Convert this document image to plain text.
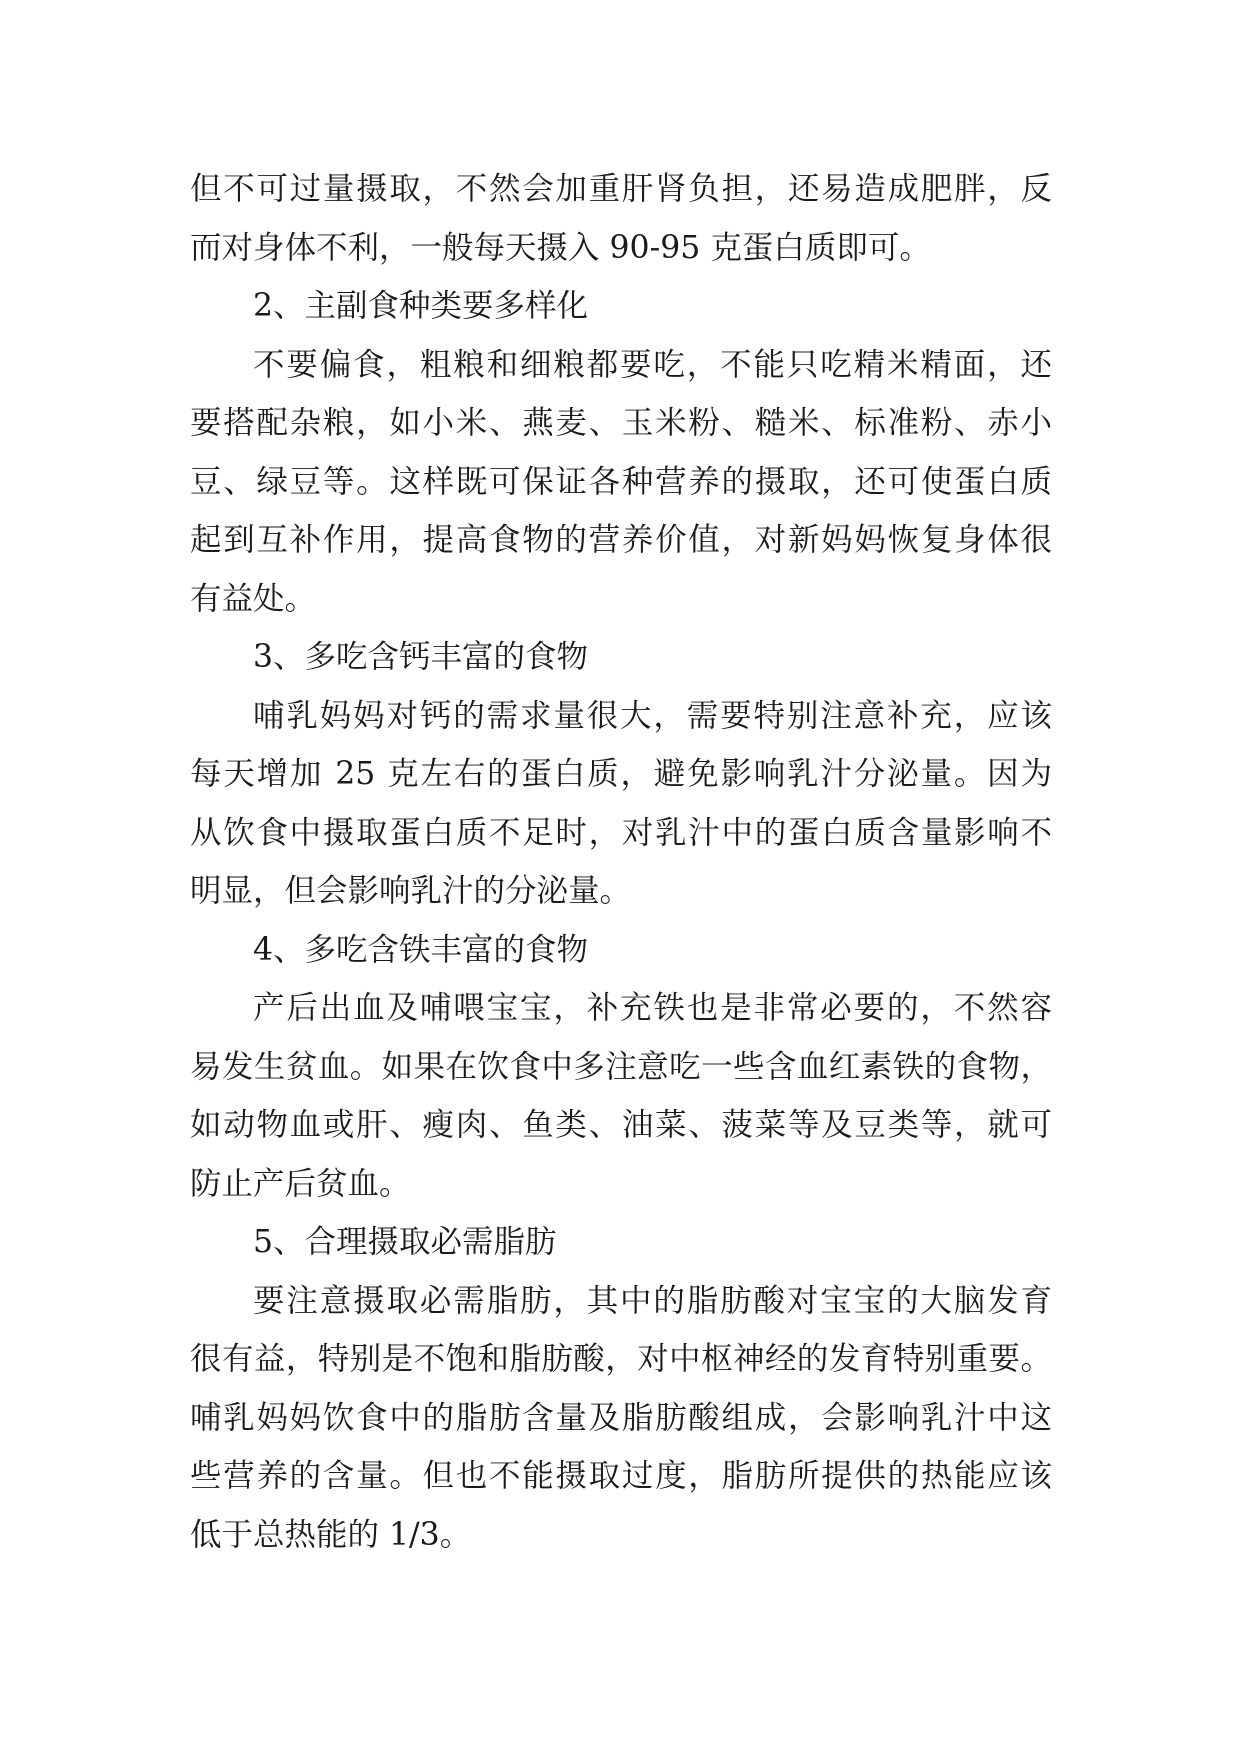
但不可过量摄取，不然会加重肝肾负担，还易造成肥胖，反
而对身体不利，一般每天摄入 90-95 克蛋白质即可。
2、主副食种类要多样化
不要偏食，粗粮和细粮都要吃，不能只吃精米精面，还
要搭配杂粮，如小米、燕麦、玉米粉、糙米、标准粉、赤小
豆、绿豆等。这样既可保证各种营养的摄取，还可使蛋白质
起到互补作用，提高食物的营养价值，对新妈妈恢复身体很
有益处。
3、多吃含钙丰富的食物
哺乳妈妈对钙的需求量很大，需要特别注意补充，应该
每天增加 25 克左右的蛋白质，避免影响乳汁分泌量。因为
从饮食中摄取蛋白质不足时，对乳汁中的蛋白质含量影响不
明显，但会影响乳汁的分泌量。
4、多吃含铁丰富的食物
产后出血及哺喂宝宝，补充铁也是非常必要的，不然容
易发生贫血。如果在饮食中多注意吃一些含血红素铁的食物，
如动物血或肝、瘦肉、鱼类、油菜、菠菜等及豆类等，就可
防止产后贫血。
5、合理摄取必需脂肪
要注意摄取必需脂肪，其中的脂肪酸对宝宝的大脑发育
很有益，特别是不饱和脂肪酸，对中枢神经的发育特别重要。
哺乳妈妈饮食中的脂肪含量及脂肪酸组成，会影响乳汁中这
些营养的含量。但也不能摄取过度，脂肪所提供的热能应该
低于总热能的 1/3。
